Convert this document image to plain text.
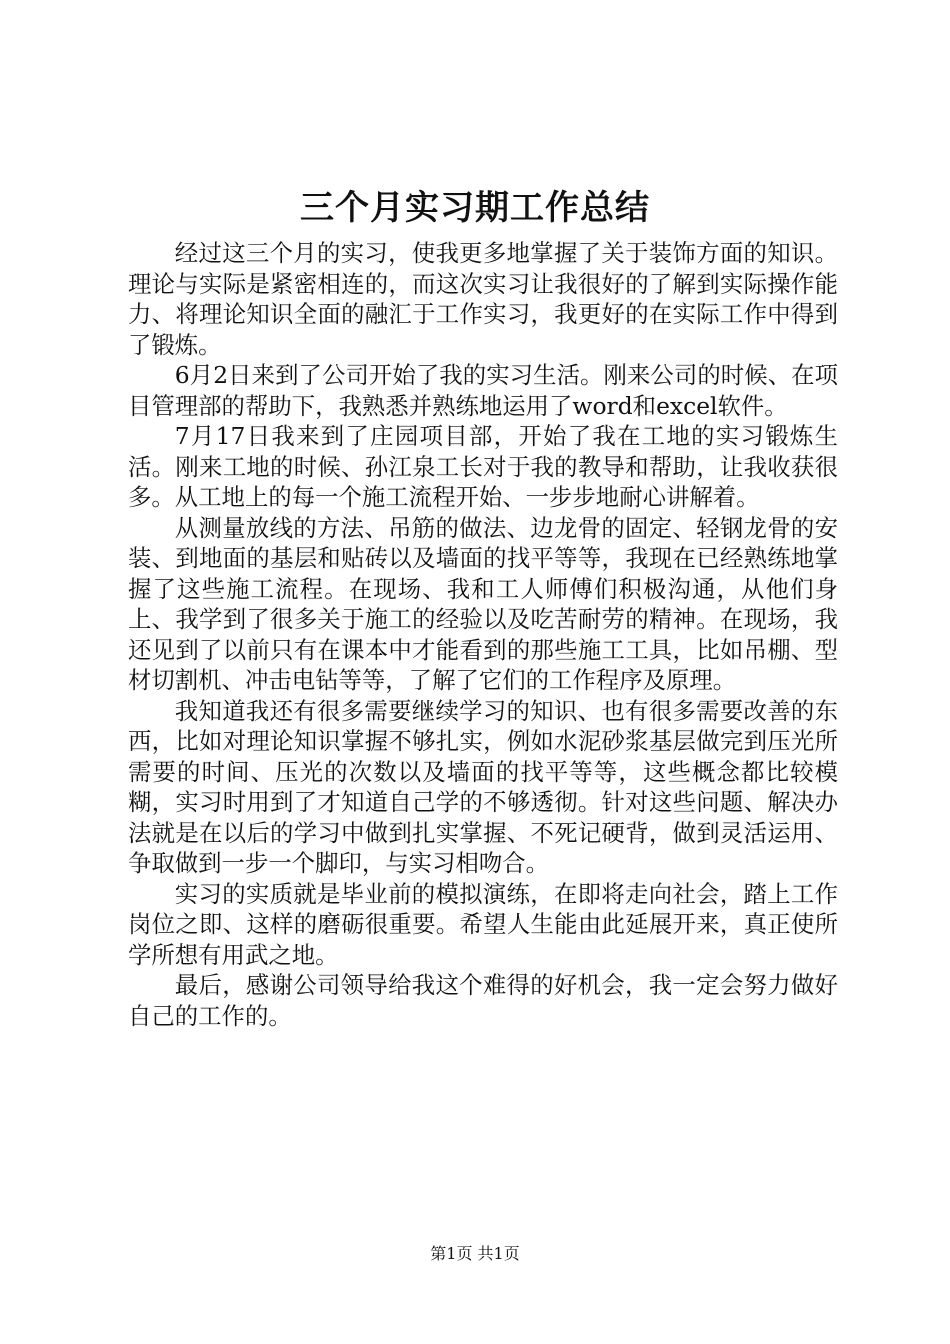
三个月实习期工作总结

经过这三个月的实习，使我更多地掌握了关于装饰方面的知识。理论与实际是紧密相连的，而这次实习让我很好的了解到实际操作能力、将理论知识全面的融汇于工作实习，我更好的在实际工作中得到了锻炼。

6月2日来到了公司开始了我的实习生活。刚来公司的时候、在项目管理部的帮助下，我熟悉并熟练地运用了word和excel软件。

7月17日我来到了庄园项目部，开始了我在工地的实习锻炼生活。刚来工地的时候、孙江泉工长对于我的教导和帮助，让我收获很多。从工地上的每一个施工流程开始、一步步地耐心讲解着。

从测量放线的方法、吊筋的做法、边龙骨的固定、轻钢龙骨的安装、到地面的基层和贴砖以及墙面的找平等等，我现在已经熟练地掌握了这些施工流程。在现场、我和工人师傅们积极沟通，从他们身上、我学到了很多关于施工的经验以及吃苦耐劳的精神。在现场，我还见到了以前只有在课本中才能看到的那些施工工具，比如吊棚、型材切割机、冲击电钻等等，了解了它们的工作程序及原理。

我知道我还有很多需要继续学习的知识、也有很多需要改善的东西，比如对理论知识掌握不够扎实，例如水泥砂浆基层做完到压光所需要的时间、压光的次数以及墙面的找平等等，这些概念都比较模糊，实习时用到了才知道自己学的不够透彻。针对这些问题、解决办法就是在以后的学习中做到扎实掌握、不死记硬背，做到灵活运用、争取做到一步一个脚印，与实习相吻合。

实习的实质就是毕业前的模拟演练，在即将走向社会，踏上工作岗位之即、这样的磨砺很重要。希望人生能由此延展开来，真正使所学所想有用武之地。

最后，感谢公司领导给我这个难得的好机会，我一定会努力做好自己的工作的。

第1页 共1页
